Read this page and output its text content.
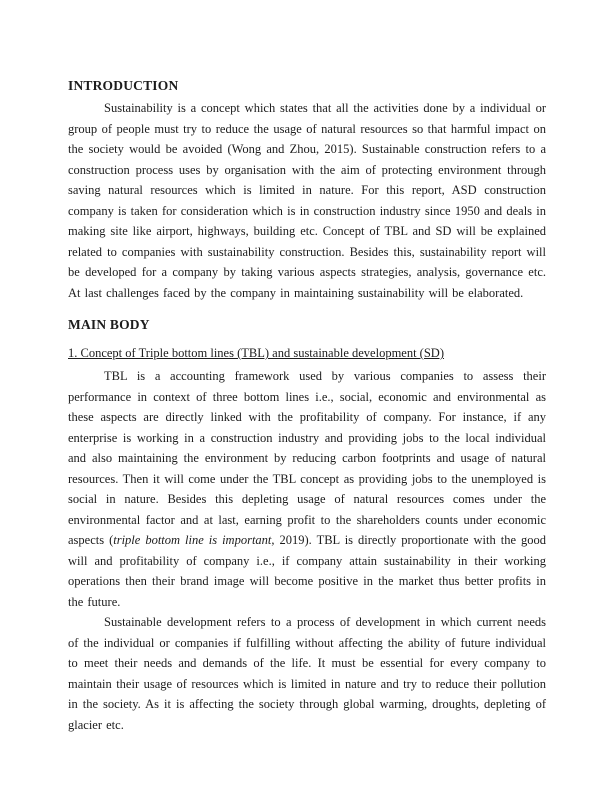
INTRODUCTION

Sustainability is a concept which states that all the activities done by a individual or group of people must try to reduce the usage of natural resources so that harmful impact on the society would be avoided (Wong and Zhou, 2015). Sustainable construction refers to a construction process uses by organisation with the aim of protecting environment through saving natural resources which is limited in nature. For this report, ASD construction company is taken for consideration which is in construction industry since 1950 and deals in making site like airport, highways, building etc. Concept of TBL and SD will be explained related to companies with sustainability construction. Besides this, sustainability report will be developed for a company by taking various aspects strategies, analysis, governance etc. At last challenges faced by the company in maintaining sustainability will be elaborated.

MAIN BODY
1. Concept of Triple bottom lines (TBL) and sustainable development (SD)

TBL is a accounting framework used by various companies to assess their performance in context of three bottom lines i.e., social, economic and environmental as these aspects are directly linked with the profitability of company. For instance, if any enterprise is working in a construction industry and providing jobs to the local individual and also maintaining the environment by reducing carbon footprints and usage of natural resources. Then it will come under the TBL concept as providing jobs to the unemployed is social in nature. Besides this depleting usage of natural resources comes under the environmental factor and at last, earning profit to the shareholders counts under economic aspects (triple bottom line is important, 2019). TBL is directly proportionate with the good will and profitability of company i.e., if company attain sustainability in their working operations then their brand image will become positive in the market thus better profits in the future.

Sustainable development refers to a process of development in which current needs of the individual or companies if fulfilling without affecting the ability of future individual to meet their needs and demands of the life. It must be essential for every company to maintain their usage of resources which is limited in nature and try to reduce their pollution in the society. As it is affecting the society through global warming, droughts, depleting of glacier etc.
